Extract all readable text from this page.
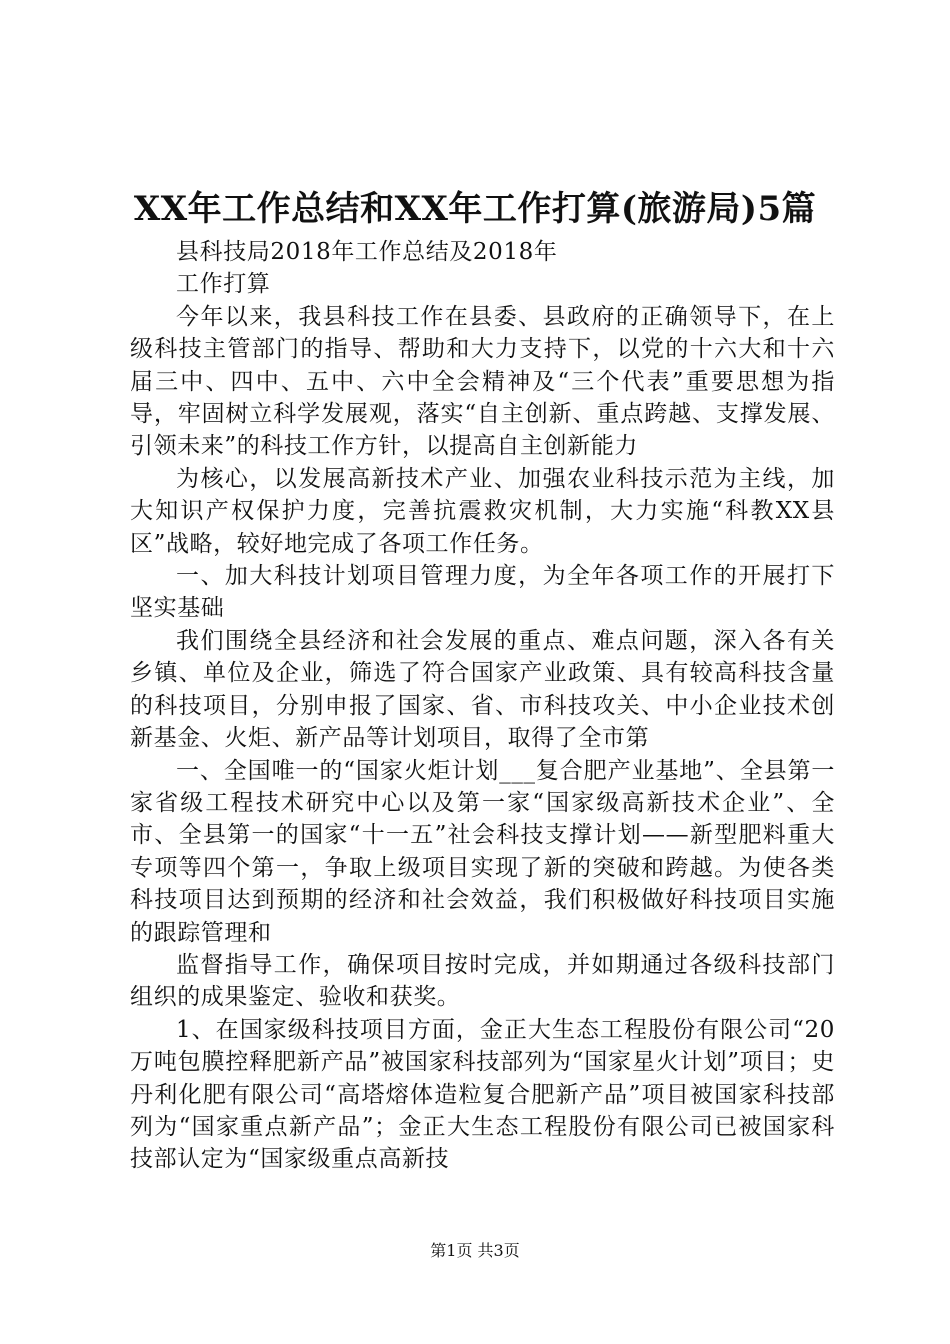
XX年工作总结和XX年工作打算(旅游局)5篇

县科技局2018年工作总结及2018年

工作打算

今年以来，我县科技工作在县委、县政府的正确领导下，在上级科技主管部门的指导、帮助和大力支持下，以党的十六大和十六届三中、四中、五中、六中全会精神及“三个代表”重要思想为指导，牢固树立科学发展观，落实“自主创新、重点跨越、支撑发展、引领未来”的科技工作方针，以提高自主创新能力

为核心，以发展高新技术产业、加强农业科技示范为主线，加大知识产权保护力度，完善抗震救灾机制，大力实施“科教XX县区”战略，较好地完成了各项工作任务。

一、加大科技计划项目管理力度，为全年各项工作的开展打下坚实基础

我们围绕全县经济和社会发展的重点、难点问题，深入各有关乡镇、单位及企业，筛选了符合国家产业政策、具有较高科技含量的科技项目，分别申报了国家、省、市科技攻关、中小企业技术创新基金、火炬、新产品等计划项目，取得了全市第

一、全国唯一的“国家火炬计划___复合肥产业基地”、全县第一家省级工程技术研究中心以及第一家“国家级高新技术企业”、全市、全县第一的国家“十一五”社会科技支撑计划——新型肥料重大专项等四个第一，争取上级项目实现了新的突破和跨越。为使各类科技项目达到预期的经济和社会效益，我们积极做好科技项目实施的跟踪管理和

监督指导工作，确保项目按时完成，并如期通过各级科技部门组织的成果鉴定、验收和获奖。

1、在国家级科技项目方面，金正大生态工程股份有限公司“20万吨包膜控释肥新产品”被国家科技部列为“国家星火计划”项目；史丹利化肥有限公司“高塔熔体造粒复合肥新产品”项目被国家科技部列为“国家重点新产品”；金正大生态工程股份有限公司已被国家科技部认定为“国家级重点高新技

第1页 共3页
